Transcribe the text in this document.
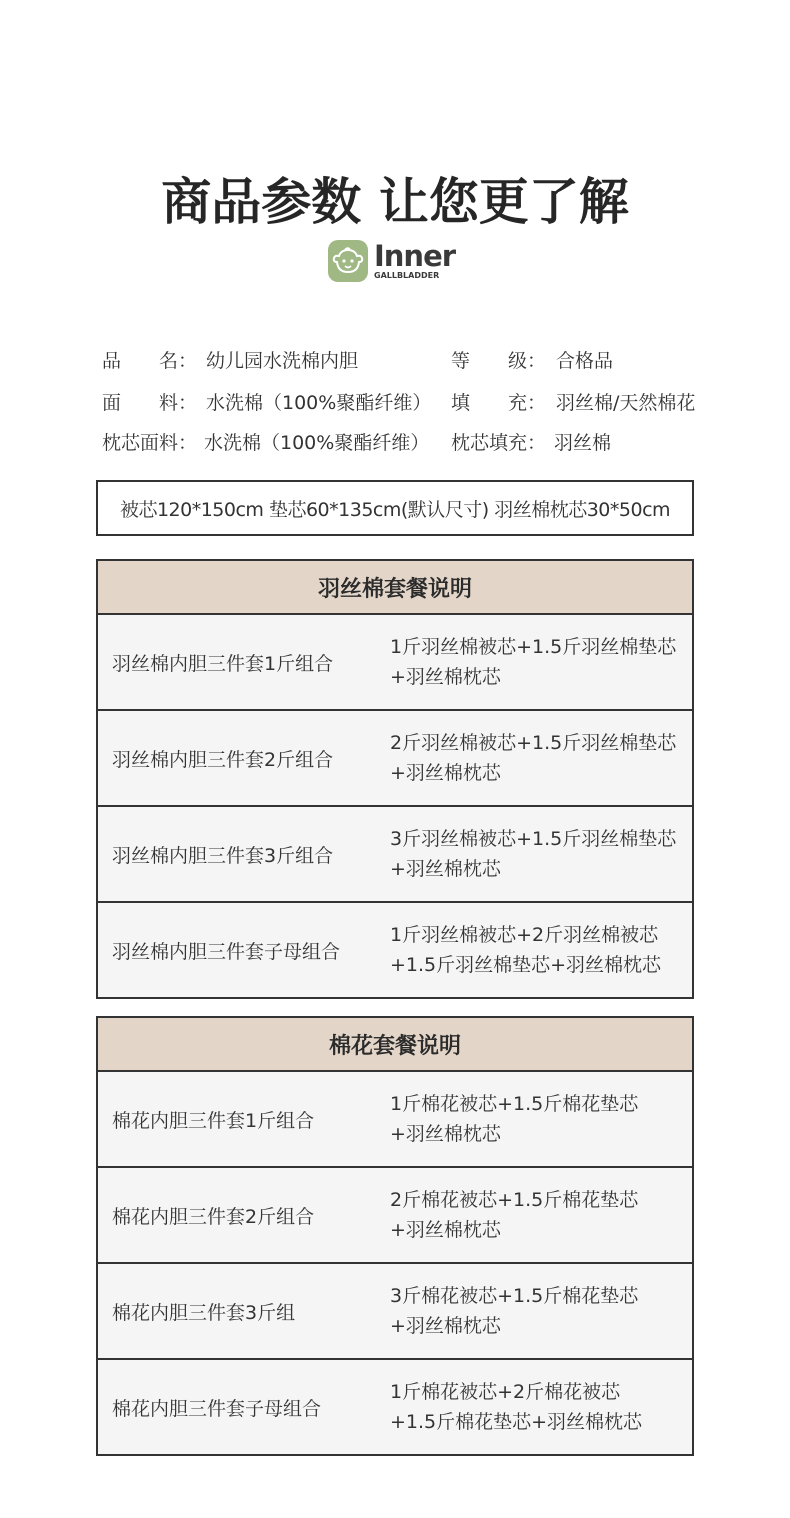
商品参数 让您更了解
Inner
GALLBLADDER
品　　名： 幼儿园水洗棉内胆	等　　级： 合格品
面　　料： 水洗棉（100%聚酯纤维） 填　　充： 羽丝棉/天然棉花
枕芯面料： 水洗棉（100%聚酯纤维） 枕芯填充： 羽丝棉
被芯120*150cm 垫芯60*135cm(默认尺寸) 羽丝棉枕芯30*50cm
羽丝棉套餐说明
羽丝棉内胆三件套1斤组合
1斤羽丝棉被芯+1.5斤羽丝棉垫芯
+羽丝棉枕芯
羽丝棉内胆三件套2斤组合
2斤羽丝棉被芯+1.5斤羽丝棉垫芯
+羽丝棉枕芯
羽丝棉内胆三件套3斤组合
3斤羽丝棉被芯+1.5斤羽丝棉垫芯
+羽丝棉枕芯
羽丝棉内胆三件套子母组合
1斤羽丝棉被芯+2斤羽丝棉被芯
+1.5斤羽丝棉垫芯+羽丝棉枕芯
棉花套餐说明
棉花内胆三件套1斤组合
1斤棉花被芯+1.5斤棉花垫芯
+羽丝棉枕芯
棉花内胆三件套2斤组合
2斤棉花被芯+1.5斤棉花垫芯
+羽丝棉枕芯
棉花内胆三件套3斤组
3斤棉花被芯+1.5斤棉花垫芯
+羽丝棉枕芯
棉花内胆三件套子母组合
1斤棉花被芯+2斤棉花被芯
+1.5斤棉花垫芯+羽丝棉枕芯
